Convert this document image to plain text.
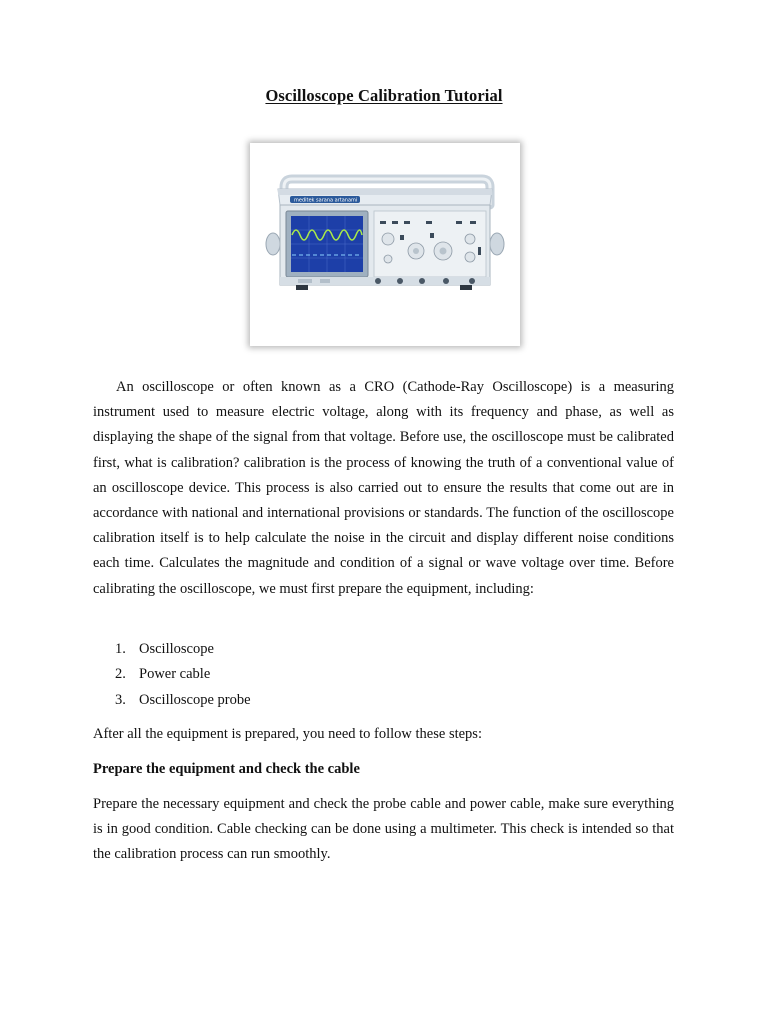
Oscilloscope Calibration Tutorial
meditek sarana artanami

An oscilloscope or often known as a CRO (Cathode-Ray Oscilloscope) is a measuring instrument used to measure electric voltage, along with its frequency and phase, as well as displaying the shape of the signal from that voltage. Before use, the oscilloscope must be calibrated first, what is calibration? calibration is the process of knowing the truth of a conventional value of an oscilloscope device. This process is also carried out to ensure the results that come out are in accordance with national and international provisions or standards. The function of the oscilloscope calibration itself is to help calculate the noise in the circuit and display different noise conditions each time. Calculates the magnitude and condition of a signal or wave voltage over time. Before calibrating the oscilloscope, we must first prepare the equipment, including:

1. Oscilloscope
2. Power cable
3. Oscilloscope probe

After all the equipment is prepared, you need to follow these steps:

Prepare the equipment and check the cable

Prepare the necessary equipment and check the probe cable and power cable, make sure everything is in good condition. Cable checking can be done using a multimeter. This check is intended so that the calibration process can run smoothly.
